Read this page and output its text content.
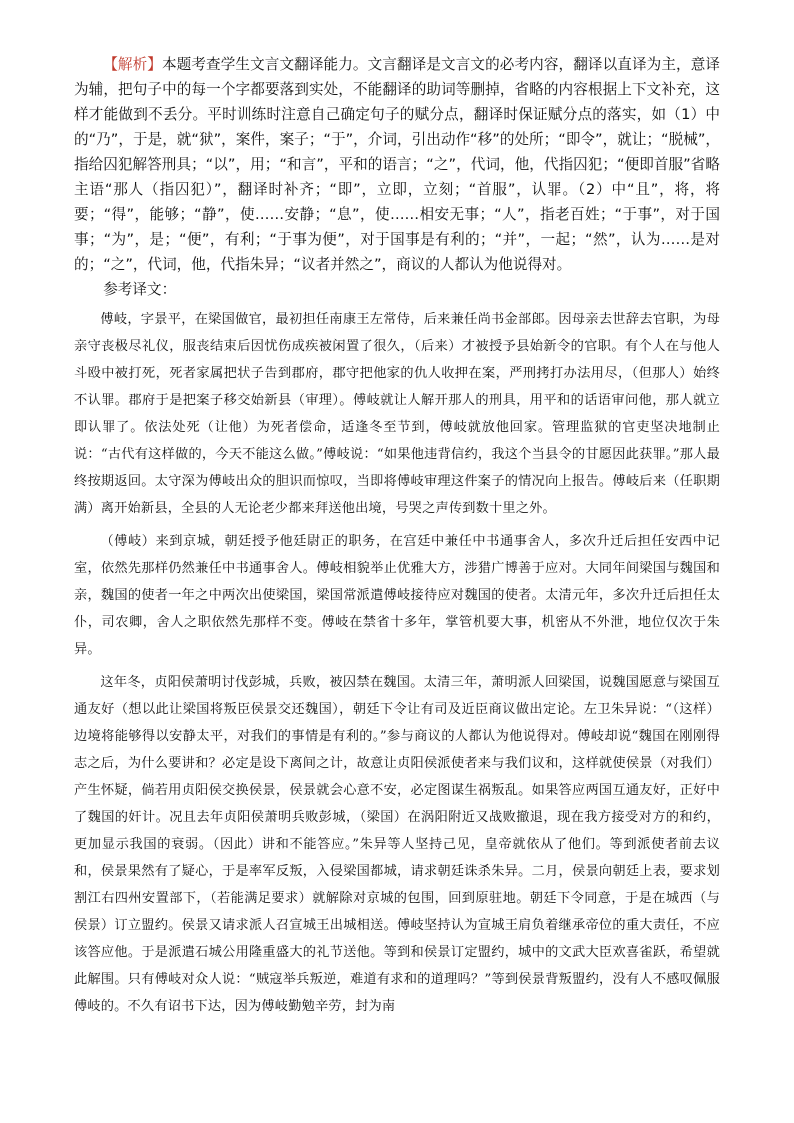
【解析】本题考查学生文言文翻译能力。文言翻译是文言文的必考内容，翻译以直译为主，意译为辅，把句子中的每一个字都要落到实处，不能翻译的助词等删掉，省略的内容根据上下文补充，这样才能做到不丢分。平时训练时注意自己确定句子的赋分点，翻译时保证赋分点的落实，如（1）中的“乃”，于是，就“狱”，案件，案子；“于”，介词，引出动作“移”的处所；“即令”，就让；“脱械”，指给囚犯解答刑具；“以”，用；“和言”，平和的语言；“之”，代词，他，代指囚犯；“便即首服”省略主语“那人（指囚犯）”，翻译时补齐；“即”，立即，立刻；“首服”，认罪。（2）中“且”，将，将要；“得”，能够；“静”，使……安静；“息”，使……相安无事；“人”，指老百姓；“于事”，对于国事；“为”，是；“便”，有利；“于事为便”，对于国事是有利的；“并”，一起；“然”，认为……是对的；“之”，代词，他，代指朱异；“议者并然之”，商议的人都认为他说得对。

参考译文：

傅岐，字景平，在梁国做官，最初担任南康王左常侍，后来兼任尚书金部郎。因母亲去世辞去官职，为母亲守丧极尽礼仪，服丧结束后因忧伤成疾被闲置了很久，（后来）才被授予县始新令的官职。有个人在与他人斗殴中被打死，死者家属把状子告到郡府，郡守把他家的仇人收押在案，严刑拷打办法用尽，（但那人）始终不认罪。郡府于是把案子移交始新县（审理）。傅岐就让人解开那人的刑具，用平和的话语审问他，那人就立即认罪了。依法处死（让他）为死者偿命，适逢冬至节到，傅岐就放他回家。管理监狱的官吏坚决地制止说：“古代有这样做的，今天不能这么做。”傅岐说：“如果他违背信约，我这个当县令的甘愿因此获罪。”那人最终按期返回。太守深为傅岐出众的胆识而惊叹，当即将傅岐审理这件案子的情况向上报告。傅岐后来（任职期满）离开始新县，全县的人无论老少都来拜送他出境，号哭之声传到数十里之外。

（傅岐）来到京城，朝廷授予他廷尉正的职务，在宫廷中兼任中书通事舍人，多次升迁后担任安西中记室，依然先那样仍然兼任中书通事舍人。傅岐相貌举止优雅大方，涉猎广博善于应对。大同年间梁国与魏国和亲，魏国的使者一年之中两次出使梁国，梁国常派遣傅岐接待应对魏国的使者。太清元年，多次升迁后担任太仆，司农卿，舍人之职依然先那样不变。傅岐在禁省十多年，掌管机要大事，机密从不外泄，地位仅次于朱异。

这年冬，贞阳侯萧明讨伐彭城，兵败，被囚禁在魏国。太清三年，萧明派人回梁国，说魏国愿意与梁国互通友好（想以此让梁国将叛臣侯景交还魏国），朝廷下令让有司及近臣商议做出定论。左卫朱异说：“（这样）边境将能够得以安静太平，对我们的事情是有利的。”参与商议的人都认为他说得对。傅岐却说“魏国在刚刚得志之后，为什么要讲和？必定是设下离间之计，故意让贞阳侯派使者来与我们议和，这样就使侯景（对我们）产生怀疑，倘若用贞阳侯交换侯景，侯景就会心意不安，必定图谋生祸叛乱。如果答应两国互通友好，正好中了魏国的奸计。况且去年贞阳侯萧明兵败彭城，（梁国）在涡阳附近又战败撤退，现在我方接受对方的和约，更加显示我国的衰弱。（因此）讲和不能答应。”朱异等人坚持己见，皇帝就依从了他们。等到派使者前去议和，侯景果然有了疑心，于是率军反叛，入侵梁国都城，请求朝廷诛杀朱异。二月，侯景向朝廷上表，要求划割江右四州安置部下，（若能满足要求）就解除对京城的包围，回到原驻地。朝廷下令同意，于是在城西（与侯景）订立盟约。侯景又请求派人召宣城王出城相送。傅岐坚持认为宣城王肩负着继承帝位的重大责任，不应该答应他。于是派遣石城公用隆重盛大的礼节送他。等到和侯景订定盟约，城中的文武大臣欢喜雀跃，希望就此解围。只有傅岐对众人说：“贼寇举兵叛逆，难道有求和的道理吗？”等到侯景背叛盟约，没有人不感叹佩服傅岐的。不久有诏书下达，因为傅岐勤勉辛劳，封为南
